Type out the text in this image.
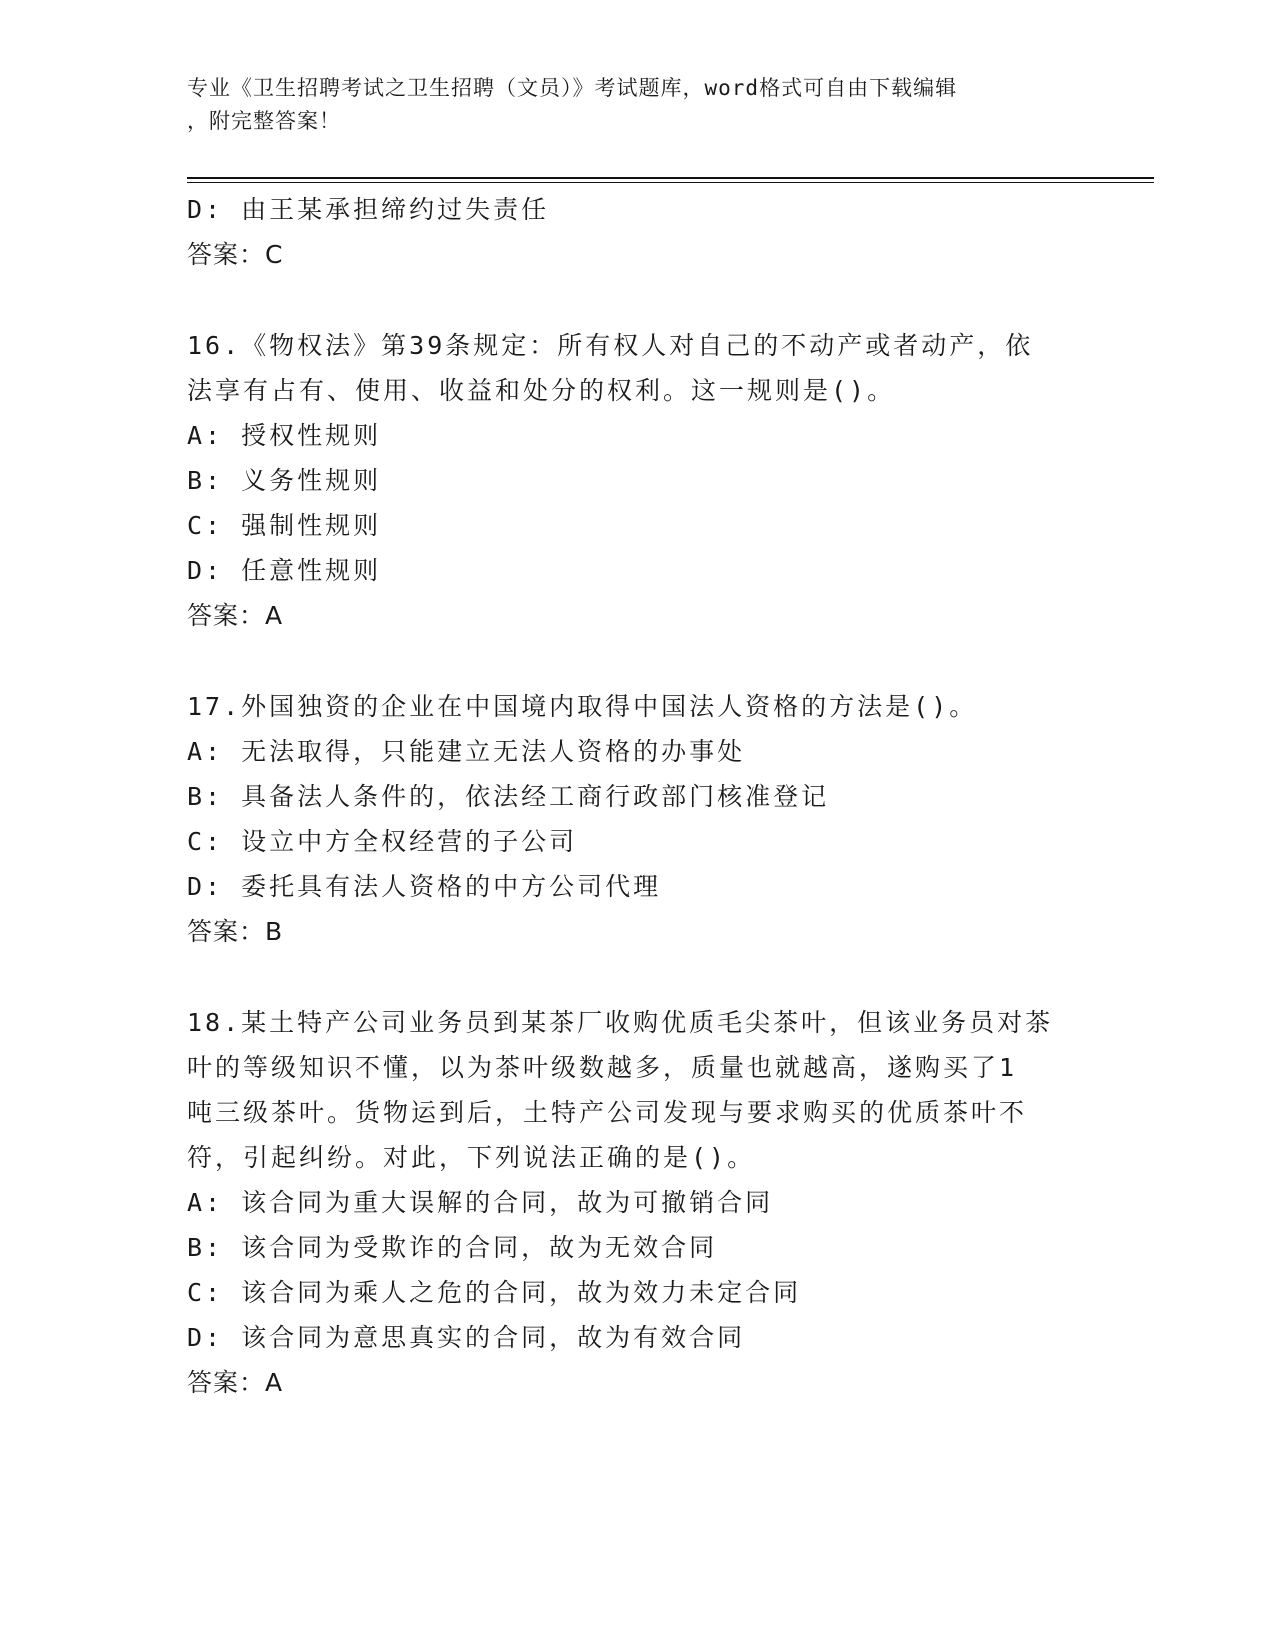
专业《卫生招聘考试之卫生招聘（文员）》考试题库，word格式可自由下载编辑
，附完整答案！
D: 由王某承担缔约过失责任
答案：C
16.《物权法》第39条规定：所有权人对自己的不动产或者动产，依
法享有占有、使用、收益和处分的权利。这一规则是()。
A: 授权性规则
B: 义务性规则
C: 强制性规则
D: 任意性规则
答案：A
17.外国独资的企业在中国境内取得中国法人资格的方法是()。
A: 无法取得，只能建立无法人资格的办事处
B: 具备法人条件的，依法经工商行政部门核准登记
C: 设立中方全权经营的子公司
D: 委托具有法人资格的中方公司代理
答案：B
18.某土特产公司业务员到某茶厂收购优质毛尖茶叶，但该业务员对茶
叶的等级知识不懂，以为茶叶级数越多，质量也就越高，遂购买了1
吨三级茶叶。货物运到后，土特产公司发现与要求购买的优质茶叶不
符，引起纠纷。对此，下列说法正确的是()。
A: 该合同为重大误解的合同，故为可撤销合同
B: 该合同为受欺诈的合同，故为无效合同
C: 该合同为乘人之危的合同，故为效力未定合同
D: 该合同为意思真实的合同，故为有效合同
答案：A
